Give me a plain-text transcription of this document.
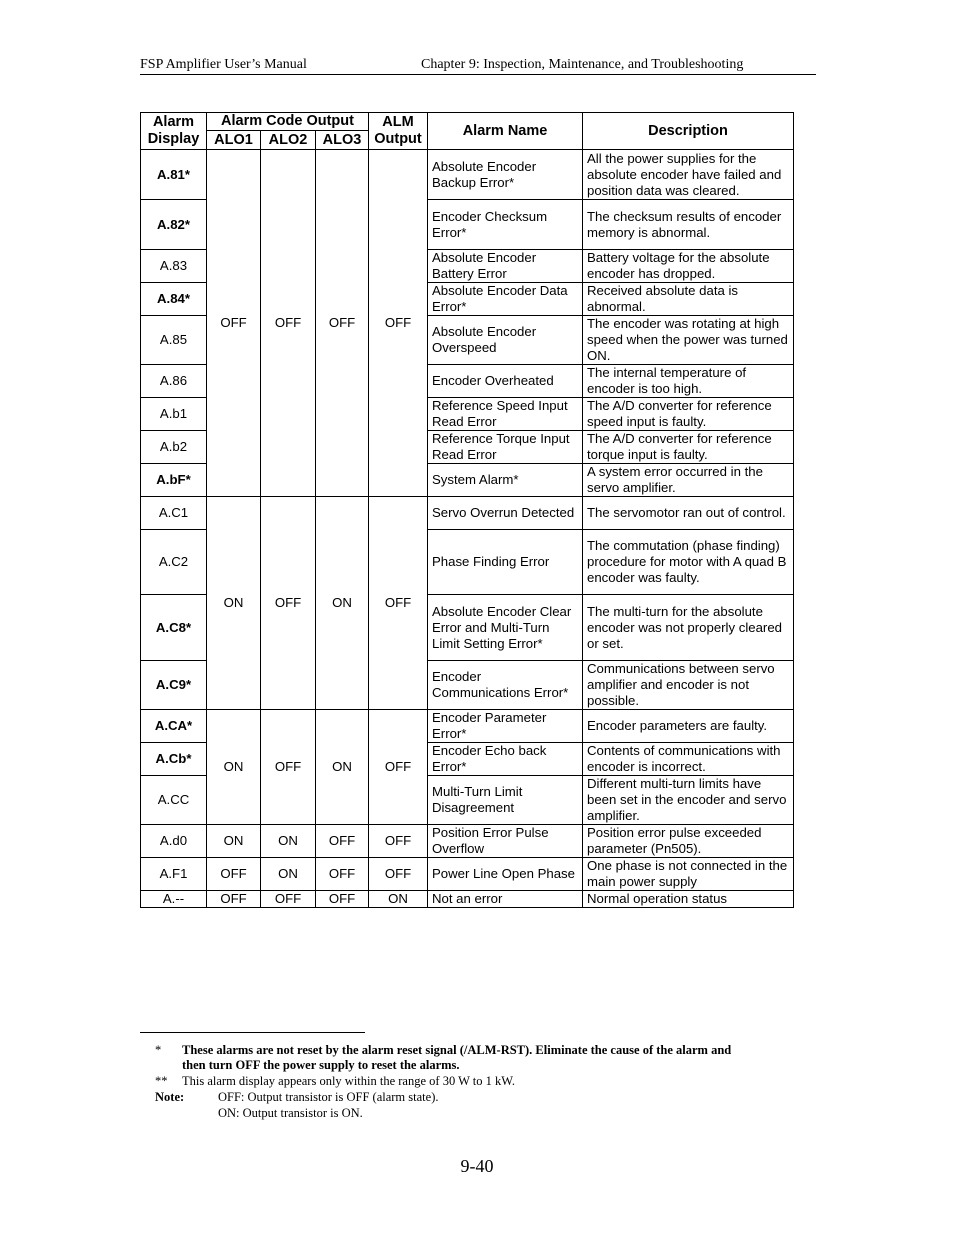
FSP Amplifier User’s Manual	Chapter 9: Inspection, Maintenance, and Troubleshooting
Alarm Display	Alarm Code Output			ALM Output	Alarm Name	Description
	ALO1	ALO2	ALO3			
A.81*	OFF	OFF	OFF	OFF	Absolute Encoder Backup Error*	All the power supplies for the absolute encoder have failed and position data was cleared.
A.82*					Encoder Checksum Error*	The checksum results of encoder memory is abnormal.
A.83					Absolute Encoder Battery Error	Battery voltage for the absolute encoder has dropped.
A.84*					Absolute Encoder Data Error*	Received absolute data is abnormal.
A.85					Absolute Encoder Overspeed	The encoder was rotating at high speed when the power was turned ON.
A.86					Encoder Overheated	The internal temperature of encoder is too high.
A.b1					Reference Speed Input Read Error	The A/D converter for reference speed input is faulty.
A.b2					Reference Torque Input Read Error	The A/D converter for reference torque input is faulty.
A.bF*					System Alarm*	A system error occurred in the servo amplifier.
A.C1	ON	OFF	ON	OFF	Servo Overrun Detected	The servomotor ran out of control.
A.C2					Phase Finding Error	The commutation (phase finding) procedure for motor with A quad B encoder was faulty.
A.C8*					Absolute Encoder Clear Error and Multi-Turn Limit Setting Error*	The multi-turn for the absolute encoder was not properly cleared or set.
A.C9*					Encoder Communications Error*	Communications between servo amplifier and encoder is not possible.
A.CA*	ON	OFF	ON	OFF	Encoder Parameter Error*	Encoder parameters are faulty.
A.Cb*					Encoder Echo back Error*	Contents of communications with encoder is incorrect.
A.CC					Multi-Turn Limit Disagreement	Different multi-turn limits have been set in the encoder and servo amplifier.
A.d0	ON	ON	OFF	OFF	Position Error Pulse Overflow	Position error pulse exceeded parameter (Pn505).
A.F1	OFF	ON	OFF	OFF	Power Line Open Phase	One phase is not connected in the main power supply
A.--	OFF	OFF	OFF	ON	Not an error	Normal operation status
* These alarms are not reset by the alarm reset signal (/ALM-RST). Eliminate the cause of the alarm and
then turn OFF the power supply to reset the alarms.
** This alarm display appears only within the range of 30 W to 1 kW.
Note:	OFF: Output transistor is OFF (alarm state).
ON: Output transistor is ON.
9-40
